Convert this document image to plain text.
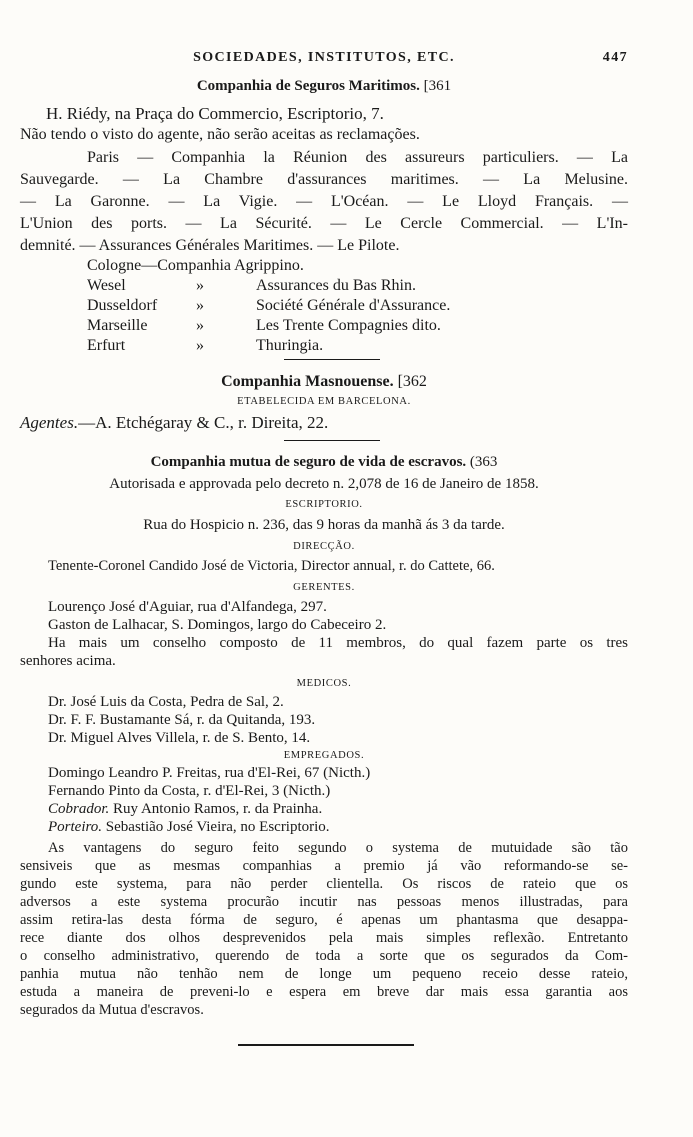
SOCIEDADES, INSTITUTOS, ETC.	447
Companhia de Seguros Maritimos. [361
H. Riédy, na Praça do Commercio, Escriptorio, 7.
Não tendo o visto do agente, não serão aceitas as reclamações.
Paris — Companhia la Réunion des assureurs particuliers. — La
Sauvegarde. — La Chambre d'assurances maritimes. — La Melusine.
— La Garonne. — La Vigie. — L'Océan. — Le Lloyd Français. —
L'Union des ports. — La Sécurité. — Le Cercle Commercial. — L'In-
demnité. — Assurances Générales Maritimes. — Le Pilote.
Cologne—Companhia Agrippino.
Wesel	»	Assurances du Bas Rhin.
Dusseldorf »	Société Générale d'Assurance.
Marseille	»	Les Trente Compagnies dito.
Erfurt	»	Thuringia.
Companhia Masnouense. [362
ETABELECIDA EM BARCELONA.
Agentes.—A. Etchégaray & C., r. Direita, 22.
Companhia mutua de seguro de vida de escravos. (363
Autorisada e approvada pelo decreto n. 2,078 de 16 de Janeiro de 1858.
ESCRIPTORIO.
Rua do Hospicio n. 236, das 9 horas da manhã ás 3 da tarde.
DIRECÇÃO.
Tenente-Coronel Candido José de Victoria, Director annual, r. do Cattete, 66.
GERENTES.
Lourenço José d'Aguiar, rua d'Alfandega, 297.
Gaston de Lalhacar, S. Domingos, largo do Cabeceiro 2.
Ha mais um conselho composto de 11 membros, do qual fazem parte os tres
senhores acima.
MEDICOS.
Dr. José Luis da Costa, Pedra de Sal, 2.
Dr. F. F. Bustamante Sá, r. da Quitanda, 193.
Dr. Miguel Alves Villela, r. de S. Bento, 14.
EMPREGADOS.
Domingo Leandro P. Freitas, rua d'El-Rei, 67 (Nicth.)
Fernando Pinto da Costa, r. d'El-Rei, 3 (Nicth.)
Cobrador. Ruy Antonio Ramos, r. da Prainha.
Porteiro. Sebastião José Vieira, no Escriptorio.
As vantagens do seguro feito segundo o systema de mutuidade são tão
sensiveis que as mesmas companhias a premio já vão reformando-se se-
gundo este systema, para não perder clientella. Os riscos de rateio que os
adversos a este systema procurão incutir nas pessoas menos illustradas, para
assim retira-las desta fórma de seguro, é apenas um phantasma que desappa-
rece diante dos olhos desprevenidos pela mais simples reflexão. Entretanto
o conselho administrativo, querendo de toda a sorte que os segurados da Com-
panhia mutua não tenhão nem de longe um pequeno receio desse rateio,
estuda a maneira de preveni-lo e espera em breve dar mais essa garantia aos
segurados da Mutua d'escravos.
